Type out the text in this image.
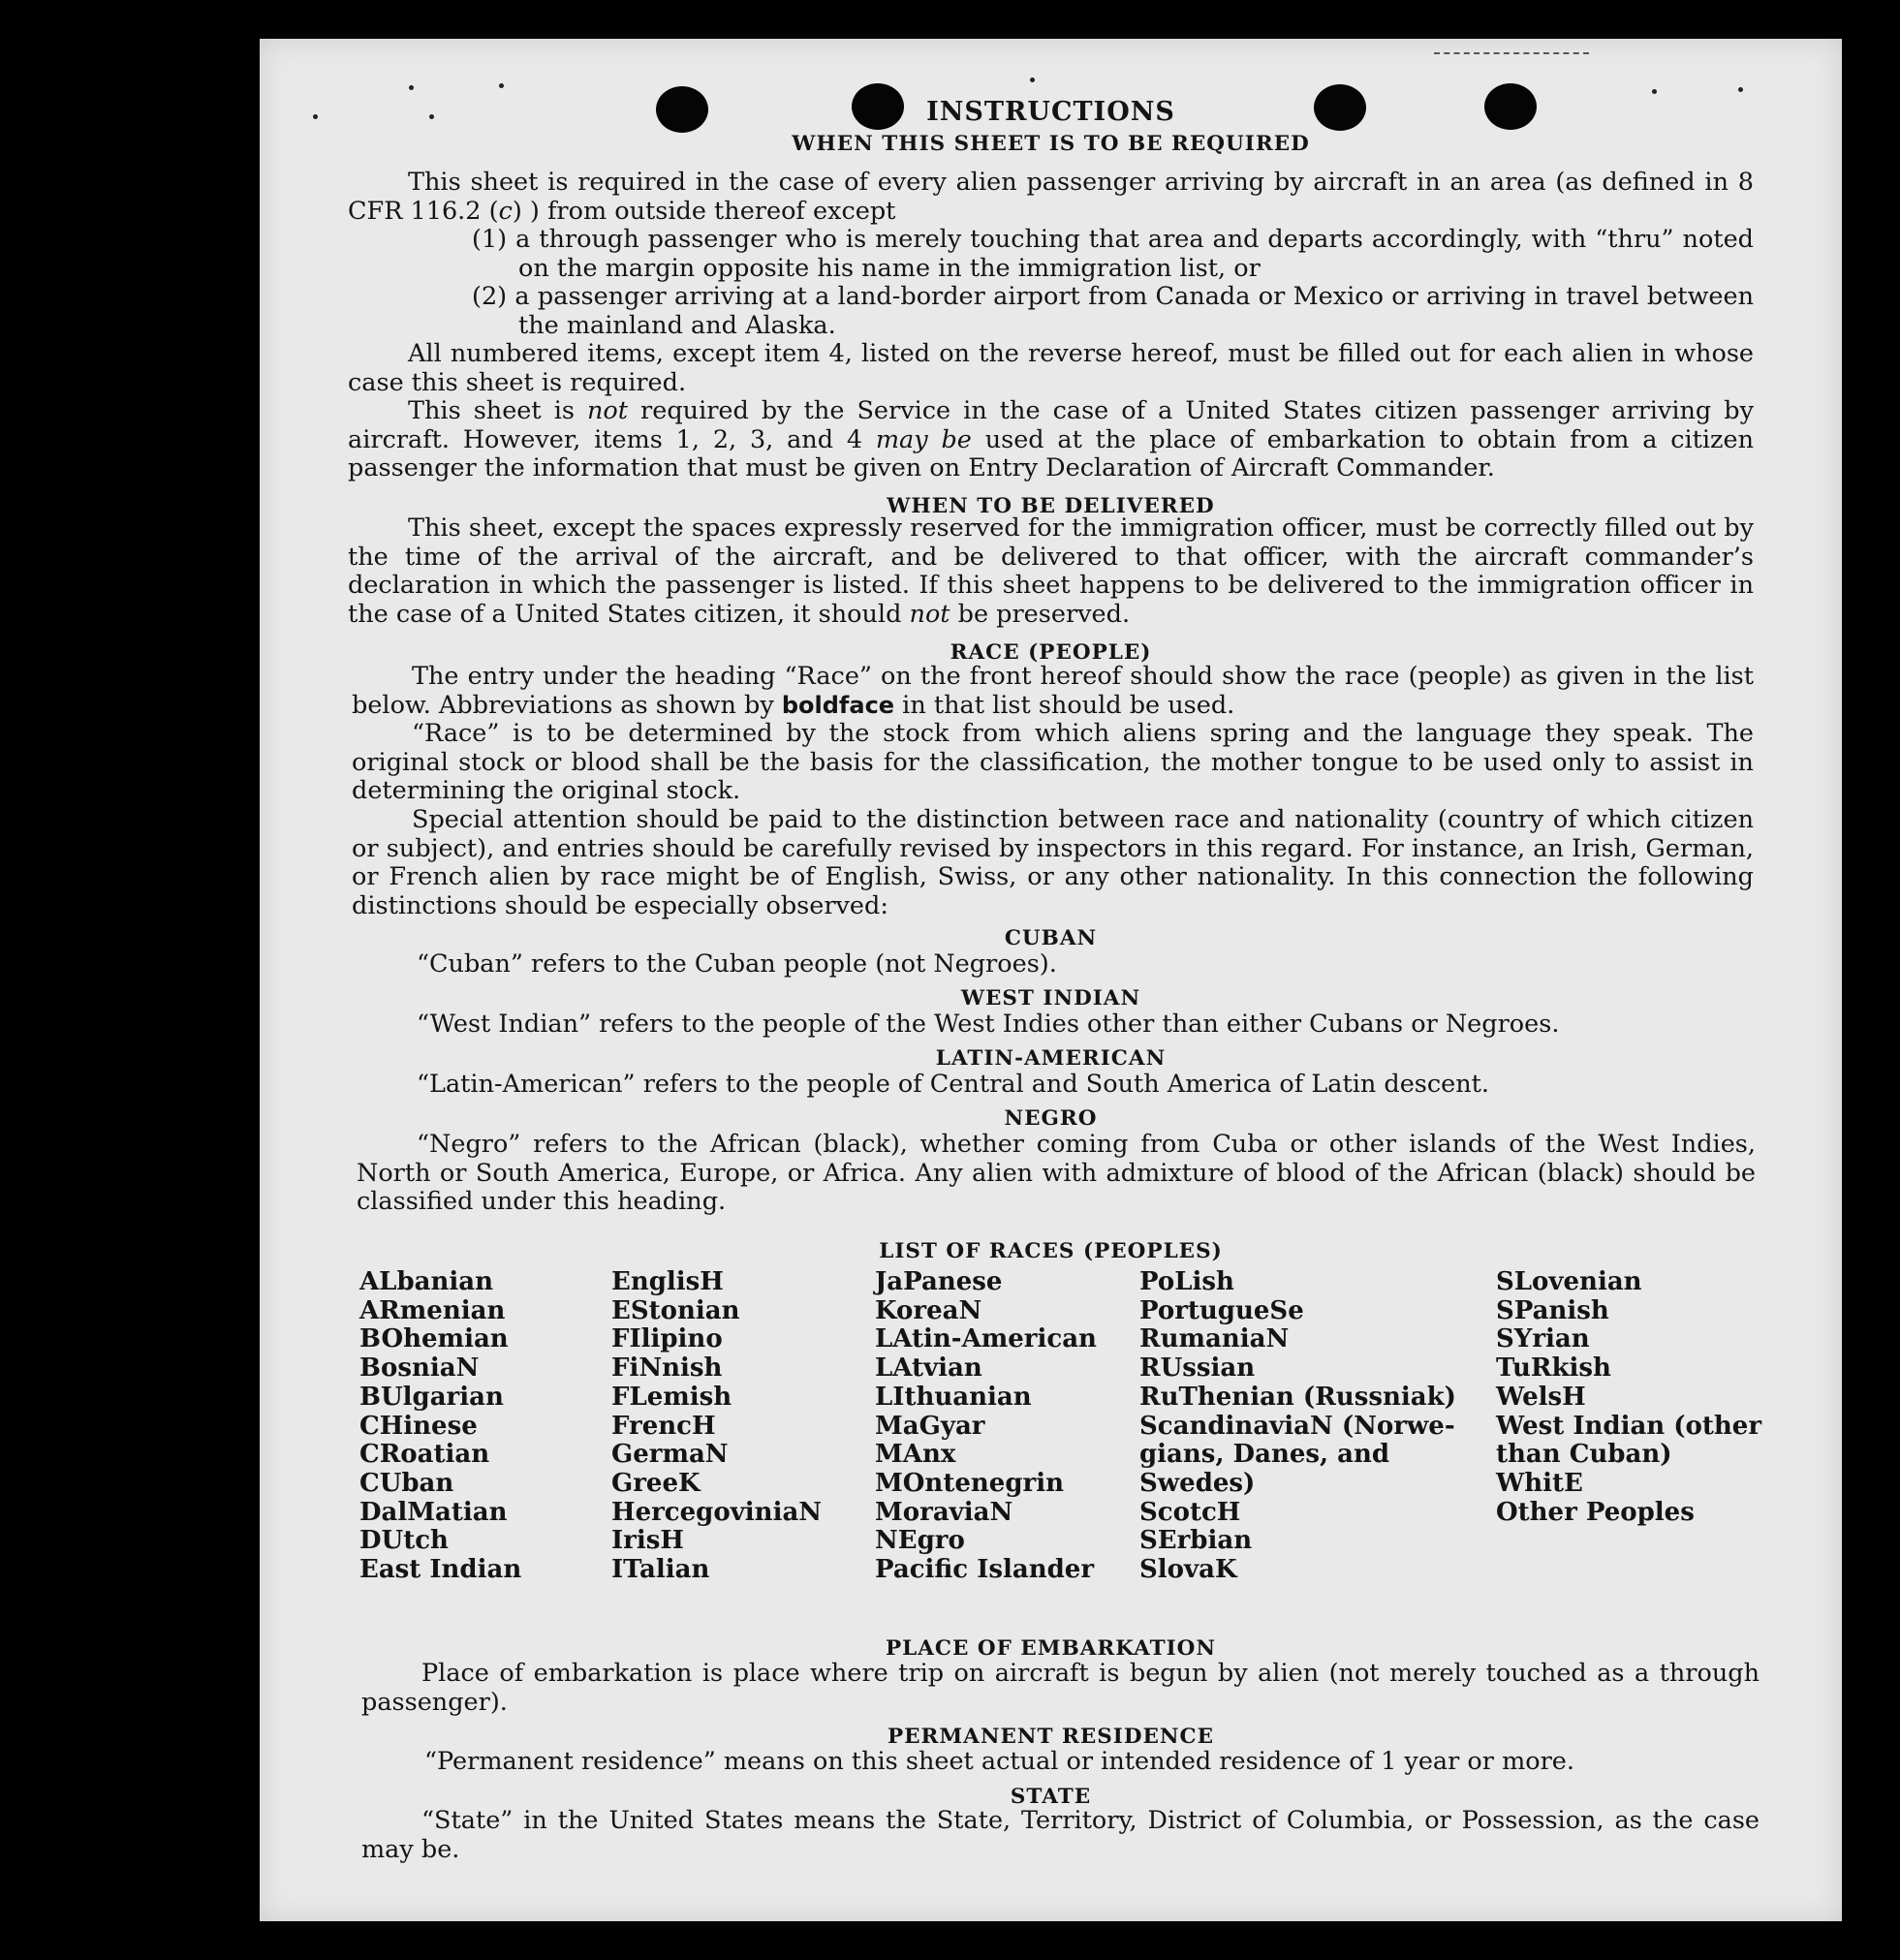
INSTRUCTIONS
WHEN THIS SHEET IS TO BE REQUIRED
This sheet is required in the case of every alien passenger arriving by aircraft in an area (as defined in 8 CFR 116.2 (c) ) from outside thereof except
(1) a through passenger who is merely touching that area and departs accordingly, with “thru” noted on the margin opposite his name in the immigration list, or
(2) a passenger arriving at a land-border airport from Canada or Mexico or arriving in travel between the mainland and Alaska.
All numbered items, except item 4, listed on the reverse hereof, must be filled out for each alien in whose case this sheet is required.
This sheet is not required by the Service in the case of a United States citizen passenger arriving by aircraft. However, items 1, 2, 3, and 4 may be used at the place of embarkation to obtain from a citizen passenger the information that must be given on Entry Declaration of Aircraft Commander.
WHEN TO BE DELIVERED
This sheet, except the spaces expressly reserved for the immigration officer, must be correctly filled out by the time of the arrival of the aircraft, and be delivered to that officer, with the aircraft commander’s declaration in which the passenger is listed. If this sheet happens to be delivered to the immigration officer in the case of a United States citizen, it should not be preserved.
RACE (PEOPLE)
The entry under the heading “Race” on the front hereof should show the race (people) as given in the list below. Abbreviations as shown by boldface in that list should be used.
“Race” is to be determined by the stock from which aliens spring and the language they speak. The original stock or blood shall be the basis for the classification, the mother tongue to be used only to assist in determining the original stock.
Special attention should be paid to the distinction between race and nationality (country of which citizen or subject), and entries should be carefully revised by inspectors in this regard. For instance, an Irish, German, or French alien by race might be of English, Swiss, or any other nationality. In this connection the following distinctions should be especially observed:
CUBAN
“Cuban” refers to the Cuban people (not Negroes).
WEST INDIAN
“West Indian” refers to the people of the West Indies other than either Cubans or Negroes.
LATIN-AMERICAN
“Latin-American” refers to the people of Central and South America of Latin descent.
NEGRO
“Negro” refers to the African (black), whether coming from Cuba or other islands of the West Indies, North or South America, Europe, or Africa. Any alien with admixture of blood of the African (black) should be classified under this heading.
LIST OF RACES (PEOPLES)
ALbanian
ARmenian
BOhemian
BosniaN
BUlgarian
CHinese
CRoatian
CUban
DalMatian
DUtch
East Indian
EnglisH
EStonian
FIlipino
FiNnish
FLemish
FrencH
GermaN
GreeK
HercegoviniaN
IrisH
ITalian
JaPanese
KoreaN
LAtin-American
LAtvian
LIthuanian
MaGyar
MAnx
MOntenegrin
MoraviaN
NEgro
Pacific Islander
PoLish
PortugueSe
RumaniaN
RUssian
RuThenian (Russniak)
ScandinaviaN (Norwe-
gians, Danes, and
Swedes)
ScotcH
SErbian
SlovaK
SLovenian
SPanish
SYrian
TuRkish
WelsH
West Indian (other
than Cuban)
WhitE
Other Peoples
PLACE OF EMBARKATION
Place of embarkation is place where trip on aircraft is begun by alien (not merely touched as a through passenger).
PERMANENT RESIDENCE
“Permanent residence” means on this sheet actual or intended residence of 1 year or more.
STATE
“State” in the United States means the State, Territory, District of Columbia, or Possession, as the case may be.
